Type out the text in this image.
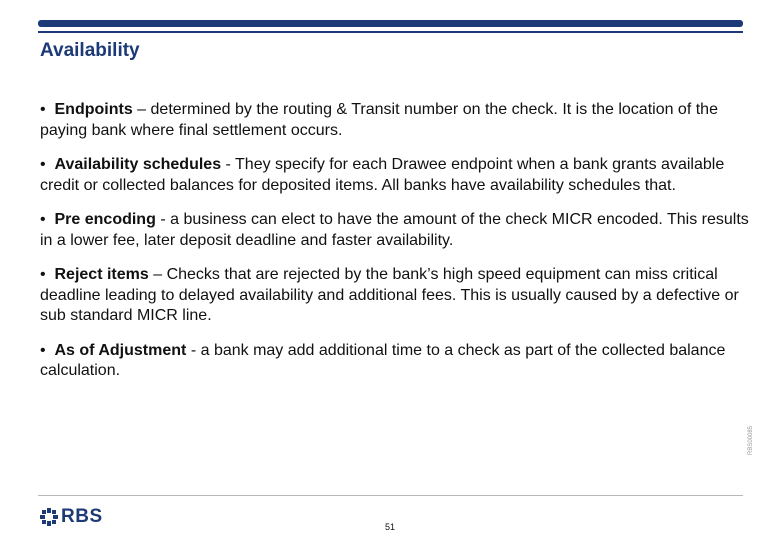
Availability
• Endpoints – determined by the routing & Transit number on the check. It is the location of the paying bank where final settlement occurs.
• Availability schedules - They specify for each Drawee endpoint when a bank grants available credit or collected balances for deposited items. All banks have availability schedules that.
• Pre encoding - a business can elect to have the amount of the check MICR encoded. This results in a lower fee, later deposit deadline and faster availability.
• Reject items – Checks that are rejected by the bank’s high speed equipment can miss critical deadline leading to delayed availability and additional fees. This is usually caused by a defective or sub standard MICR line.
• As of Adjustment - a bank may add additional time to a check as part of the collected balance calculation.
RBS00085
RBS	51
